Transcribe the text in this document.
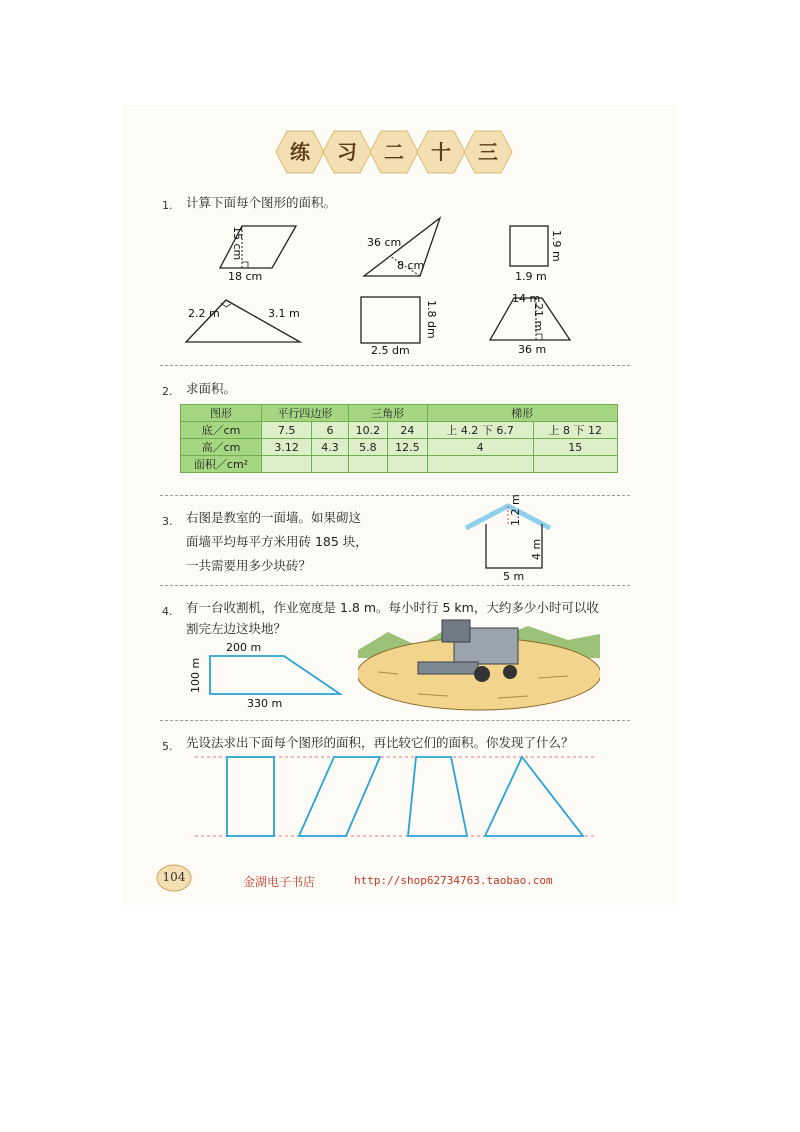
练	习	二	十	三
1. 计算下面每个图形的面积。
15 cm
18 cm
36 cm
8 cm
1.9 m
1.9 m
2.2 m	3.1 m	1.8 dm
2.5 dm
14 m
21 m
36 m
2. 求面积。
图形	平行四边形		三角形		梯形	
底／cm	7.5	6	10.2	24	上 4.2 下 6.7	上 8 下 12
高／cm	3.12	4.3	5.8	12.5	4	15
面积／cm²						
3. 右图是教室的一面墙。如果砌这
面墙平均每平方米用砖 185 块，
一共需要用多少块砖？
1.2 m
4 m
5 m
4. 有一台收割机，作业宽度是 1.8 m。每小时行 5 km，大约多少小时可以收
割完左边这块地？
200 m
100 m
330 m
5. 先设法求出下面每个图形的面积，再比较它们的面积。你发现了什么？
104	金湖电子书店	http://shop62734763.taobao.com
